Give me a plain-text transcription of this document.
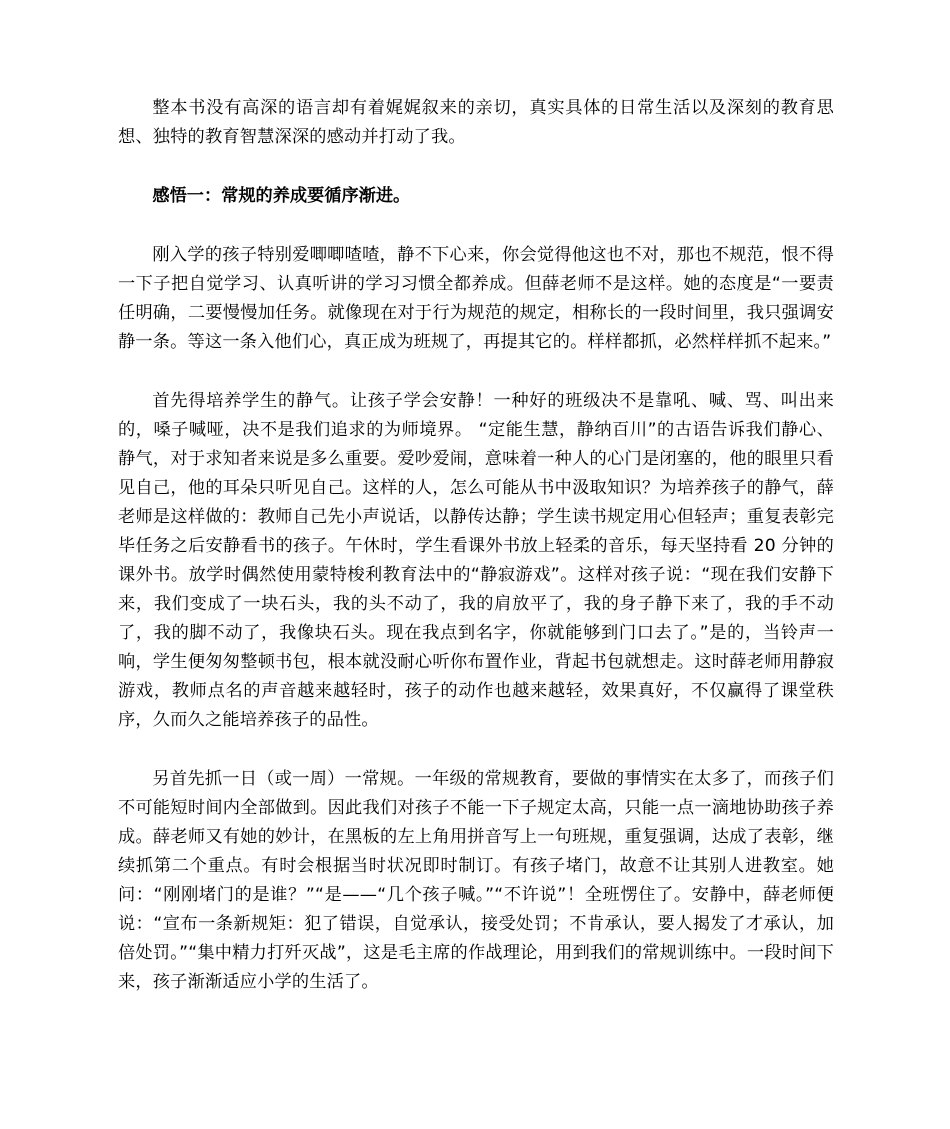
整本书没有高深的语言却有着娓娓叙来的亲切，真实具体的日常生活以及深刻的教育思想、独特的教育智慧深深的感动并打动了我。

感悟一：常规的养成要循序渐进。

刚入学的孩子特别爱唧唧喳喳，静不下心来，你会觉得他这也不对，那也不规范，恨不得一下子把自觉学习、认真听讲的学习习惯全都养成。但薛老师不是这样。她的态度是“一要责任明确，二要慢慢加任务。就像现在对于行为规范的规定，相称长的一段时间里，我只强调安静一条。等这一条入他们心，真正成为班规了，再提其它的。样样都抓，必然样样抓不起来。”

首先得培养学生的静气。让孩子学会安静！一种好的班级决不是靠吼、喊、骂、叫出来的，嗓子喊哑，决不是我们追求的为师境界。 “定能生慧，静纳百川”的古语告诉我们静心、静气，对于求知者来说是多么重要。爱吵爱闹，意味着一种人的心门是闭塞的，他的眼里只看见自己，他的耳朵只听见自己。这样的人，怎么可能从书中汲取知识？为培养孩子的静气，薛老师是这样做的：教师自己先小声说话，以静传达静；学生读书规定用心但轻声；重复表彰完毕任务之后安静看书的孩子。午休时，学生看课外书放上轻柔的音乐，每天坚持看 20 分钟的课外书。放学时偶然使用蒙特梭利教育法中的“静寂游戏”。这样对孩子说：“现在我们安静下来，我们变成了一块石头，我的头不动了，我的肩放平了，我的身子静下来了，我的手不动了，我的脚不动了，我像块石头。现在我点到名字，你就能够到门口去了。”是的，当铃声一响，学生便匆匆整顿书包，根本就没耐心听你布置作业，背起书包就想走。这时薛老师用静寂游戏，教师点名的声音越来越轻时，孩子的动作也越来越轻，效果真好，不仅赢得了课堂秩序，久而久之能培养孩子的品性。

另首先抓一日（或一周）一常规。一年级的常规教育，要做的事情实在太多了，而孩子们不可能短时间内全部做到。因此我们对孩子不能一下子规定太高，只能一点一滴地协助孩子养成。薛老师又有她的妙计，在黑板的左上角用拼音写上一句班规，重复强调，达成了表彰，继续抓第二个重点。有时会根据当时状况即时制订。有孩子堵门，故意不让其别人进教室。她问：“刚刚堵门的是谁？”“是——“几个孩子喊。”“不许说”！全班愣住了。安静中，薛老师便说：“宣布一条新规矩：犯了错误，自觉承认，接受处罚；不肯承认，要人揭发了才承认，加倍处罚。”“集中精力打歼灭战”，这是毛主席的作战理论，用到我们的常规训练中。一段时间下来，孩子渐渐适应小学的生活了。
